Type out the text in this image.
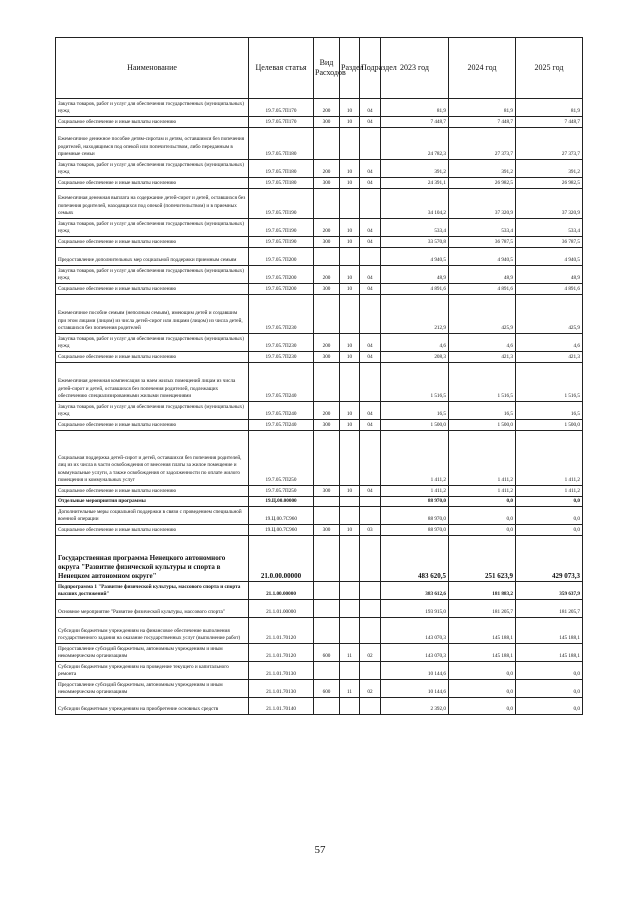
Наименование	Целевая статья	Вид Расходов	Раздел	Подраздел	2023 год	2024 год	2025 год
Закупка товаров, работ и услуг для обеспечения государственных (муниципальных) нужд	19.7.05.7П170	200	10	04	81,9	81,9	81,9
Социальное обеспечение и иные выплаты населению	19.7.05.7П170	300	10	04	7 448,7	7 448,7	7 448,7
Ежемесячное денежное пособие детям-сиротам и детям, оставшимся без попечения родителей, находящимся под опекой или попечительством, либо переданным в приемные семьи	19.7.05.7П180				24 782,3	27 373,7	27 373,7
Закупка товаров, работ и услуг для обеспечения государственных (муниципальных) нужд	19.7.05.7П180	200	10	04	391,2	391,2	391,2
Социальное обеспечение и иные выплаты населению	19.7.05.7П180	300	10	04	24 391,1	26 982,5	26 982,5
Ежемесячная денежная выплата на содержание детей-сирот и детей, оставшихся без попечения родителей, находящихся под опекой (попечительством) и в приемных семьях	19.7.05.7П190				34 104,2	37 320,9	37 320,9
Закупка товаров, работ и услуг для обеспечения государственных (муниципальных) нужд	19.7.05.7П190	200	10	04	533,4	533,4	533,4
Социальное обеспечение и иные выплаты населению	19.7.05.7П190	300	10	04	33 570,8	36 787,5	36 787,5
Предоставление дополнительных мер социальной поддержки приемным семьям	19.7.05.7П200				4 940,5	4 940,5	4 940,5
Закупка товаров, работ и услуг для обеспечения государственных (муниципальных) нужд	19.7.05.7П200	200	10	04	48,9	48,9	48,9
Социальное обеспечение и иные выплаты населению	19.7.05.7П200	300	10	04	4 891,6	4 891,6	4 891,6
Ежемесячное пособие семьям (неполным семьям), имеющим детей и создавшим при этом лицами (лицом) из числа детей-сирот или лицами (лицом) из числа детей, оставшихся без попечения родителей	19.7.05.7П230				212,9	425,9	425,9
Закупка товаров, работ и услуг для обеспечения государственных (муниципальных) нужд	19.7.05.7П230	200	10	04	4,6	4,6	4,6
Социальное обеспечение и иные выплаты населению	19.7.05.7П230	300	10	04	208,3	421,3	421,3
Ежемесячная денежная компенсация за наем жилых помещений лицам из числа детей-сирот и детей, оставшихся без попечения родителей, подлежащих обеспечению специализированными жилыми помещениями	19.7.05.7П240				1 516,5	1 516,5	1 516,5
Закупка товаров, работ и услуг для обеспечения государственных (муниципальных) нужд	19.7.05.7П240	200	10	04	16,5	16,5	16,5
Социальное обеспечение и иные выплаты населению	19.7.05.7П240	300	10	04	1 500,0	1 500,0	1 500,0
Социальная поддержка детей-сирот и детей, оставшихся без попечения родителей, лиц из их числа в части освобождения от внесения платы за жилое помещение и коммунальные услуги, а также освобождения от задолженности по оплате жилого помещения и коммунальных услуг	19.7.05.7П250				1 411,2	1 411,2	1 411,2
Социальное обеспечение и иные выплаты населению	19.7.05.7П250	300	10	04	1 411,2	1 411,2	1 411,2
Отдельные мероприятия программы	19.Ц.00.00000				88 970,0	0,0	0,0
Дополнительные меры социальной поддержки в связи с проведением специальной военной операции	19.Ц.00.7С960				88 970,0	0,0	0,0
Социальное обеспечение и иные выплаты населению	19.Ц.00.7С960	300	10	03	88 970,0	0,0	0,0
Государственная программа Ненецкого автономного округа "Развитие физической культуры и спорта в Ненецком автономном округе"	21.0.00.00000				483 620,5	251 623,9	429 073,3
Подпрограмма 1 "Развитие физической культуры, массового спорта и спорта высших достижений"	21.1.00.00000				383 612,6	181 883,2	359 637,9
Основное мероприятие "Развитие физической культуры, массового спорта"	21.1.01.00000				193 915,0	181 205,7	181 205,7
Субсидии бюджетным учреждениям на финансовое обеспечение выполнения государственного задания на оказание государственных услуг (выполнение работ)	21.1.01.70120				143 070,3	145 188,1	145 188,1
Предоставление субсидий бюджетным, автономным учреждениям и иным некоммерческим организациям	21.1.01.70120	600	11	02	143 070,3	145 188,1	145 188,1
Субсидии бюджетным учреждениям на проведение текущего и капитального ремонта	21.1.01.70130				10 144,6	0,0	0,0
Предоставление субсидий бюджетным, автономным учреждениям и иным некоммерческим организациям	21.1.01.70130	600	11	02	10 144,6	0,0	0,0
Субсидии бюджетным учреждениям на приобретение основных средств	21.1.01.70140				2 392,0	0,0	0,0
57
